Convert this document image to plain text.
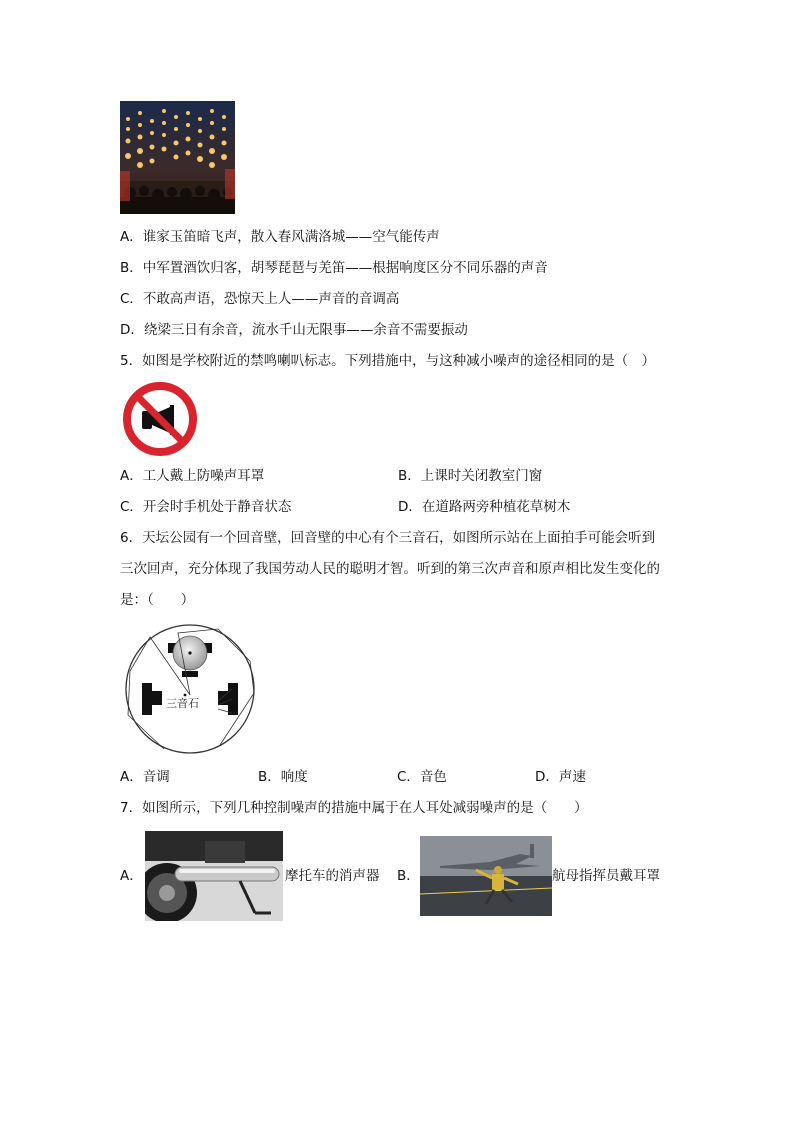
A．谁家玉笛暗飞声，散入春风满洛城——空气能传声
B．中军置酒饮归客，胡琴琵琶与羌笛——根据响度区分不同乐器的声音
C．不敢高声语，恐惊天上人——声音的音调高
D．绕梁三日有余音，流水千山无限事——余音不需要振动
5．如图是学校附近的禁鸣喇叭标志。下列措施中，与这种减小噪声的途径相同的是（　）
A．工人戴上防噪声耳罩	B．上课时关闭教室门窗
C．开会时手机处于静音状态	D．在道路两旁种植花草树木
6．天坛公园有一个回音壁，回音壁的中心有个三音石，如图所示站在上面拍手可能会听到
三次回声，充分体现了我国劳动人民的聪明才智。听到的第三次声音和原声相比发生变化的
是：（　　）
三音石
A．音调	B．响度	C．音色	D．声速
7．如图所示，下列几种控制噪声的措施中属于在人耳处减弱噪声的是（　　）
A．	摩托车的消声器 B．	航母指挥员戴耳罩
